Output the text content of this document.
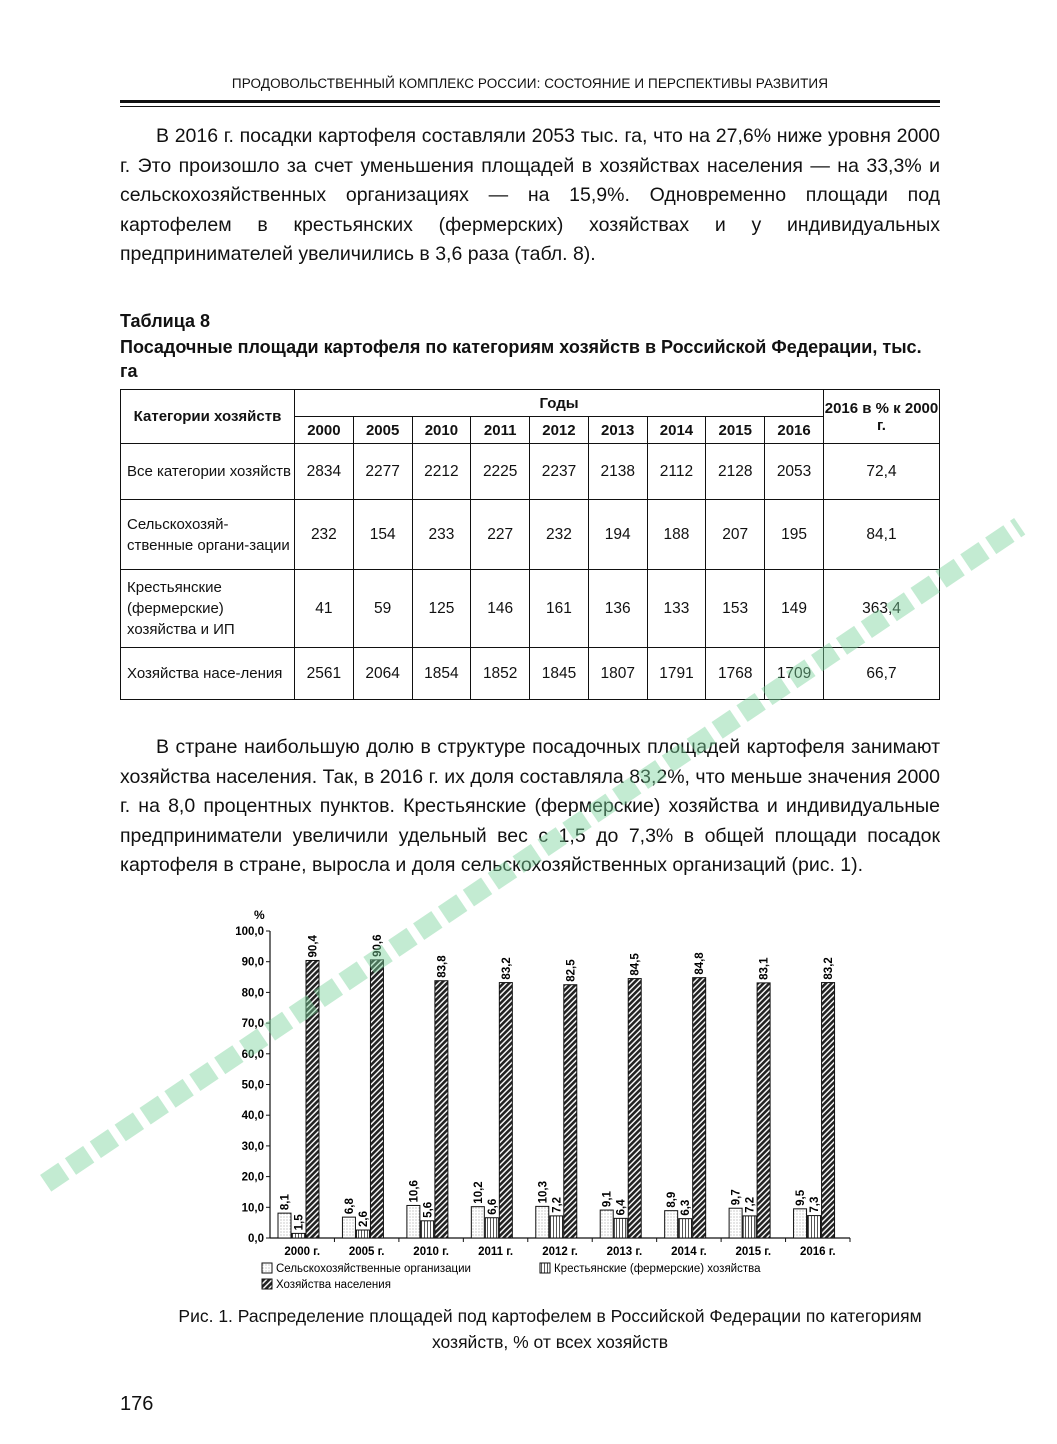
ПРОДОВОЛЬСТВЕННЫЙ КОМПЛЕКС РОССИИ: СОСТОЯНИЕ И ПЕРСПЕКТИВЫ РАЗВИТИЯ

В 2016 г. посадки картофеля составляли 2053 тыс. га, что на 27,6% ниже уровня 2000 г. Это произошло за счет уменьшения площадей в хозяйствах населения — на 33,3% и сельскохозяйственных организациях — на 15,9%. Одновременно площади под картофелем в крестьянских (фермерских) хозяйствах и у индивидуальных предпринимателей увеличились в 3,6 раза (табл. 8).

Таблица 8
Посадочные площади картофеля по категориям хозяйств в Российской Федерации, тыс. га
Категории хозяйств	Годы									2016 в % к 2000 г.
	2000	2005	2010	2011	2012	2013	2014	2015	2016	
Все категории хозяйств	2834	2277	2212	2225	2237	2138	2112	2128	2053	72,4
Сельскохозяй-ственные органи-зации	232	154	233	227	232	194	188	207	195	84,1
Крестьянские (фермерские) хозяйства и ИП	41	59	125	146	161	136	133	153	149	363,4
Хозяйства насе-ления	2561	2064	1854	1852	1845	1807	1791	1768	1709	66,7

В стране наибольшую долю в структуре посадочных площадей картофеля занимают хозяйства населения. Так, в 2016 г. их доля составляла 83,2%, что меньше значения 2000 г. на 8,0 процентных пунктов. Крестьянские (фермерские) хозяйства и индивидуальные предприниматели увеличили удельный вес с 1,5 до 7,3% в общей площади посадок картофеля в стране, выросла и доля сельскохозяйственных организаций (рис. 1).

%
0,0
10,0
20,0
30,0
40,0
50,0
60,0
70,0
80,0
90,0
100,0
2000 г.
8,1
1,5
90,4
2005 г.
6,8
2,6
90,6
2010 г.
10,6
5,6
83,8
2011 г.
10,2
6,6
83,2
2012 г.
10,3
7,2
82,5
2013 г.
9,1
6,4
84,5
2014 г.
8,9 6,3
84,8
2015 г.
9,7 7,2
83,1
2016 г.
9,5 7,3
83,2
Сельскохозяйственные организации	Крестьянские (фермерские) хозяйства
Хозяйства населения
Рис. 1. Распределение площадей под картофелем в Российской Федерации по категориям хозяйств, % от всех хозяйств
176
